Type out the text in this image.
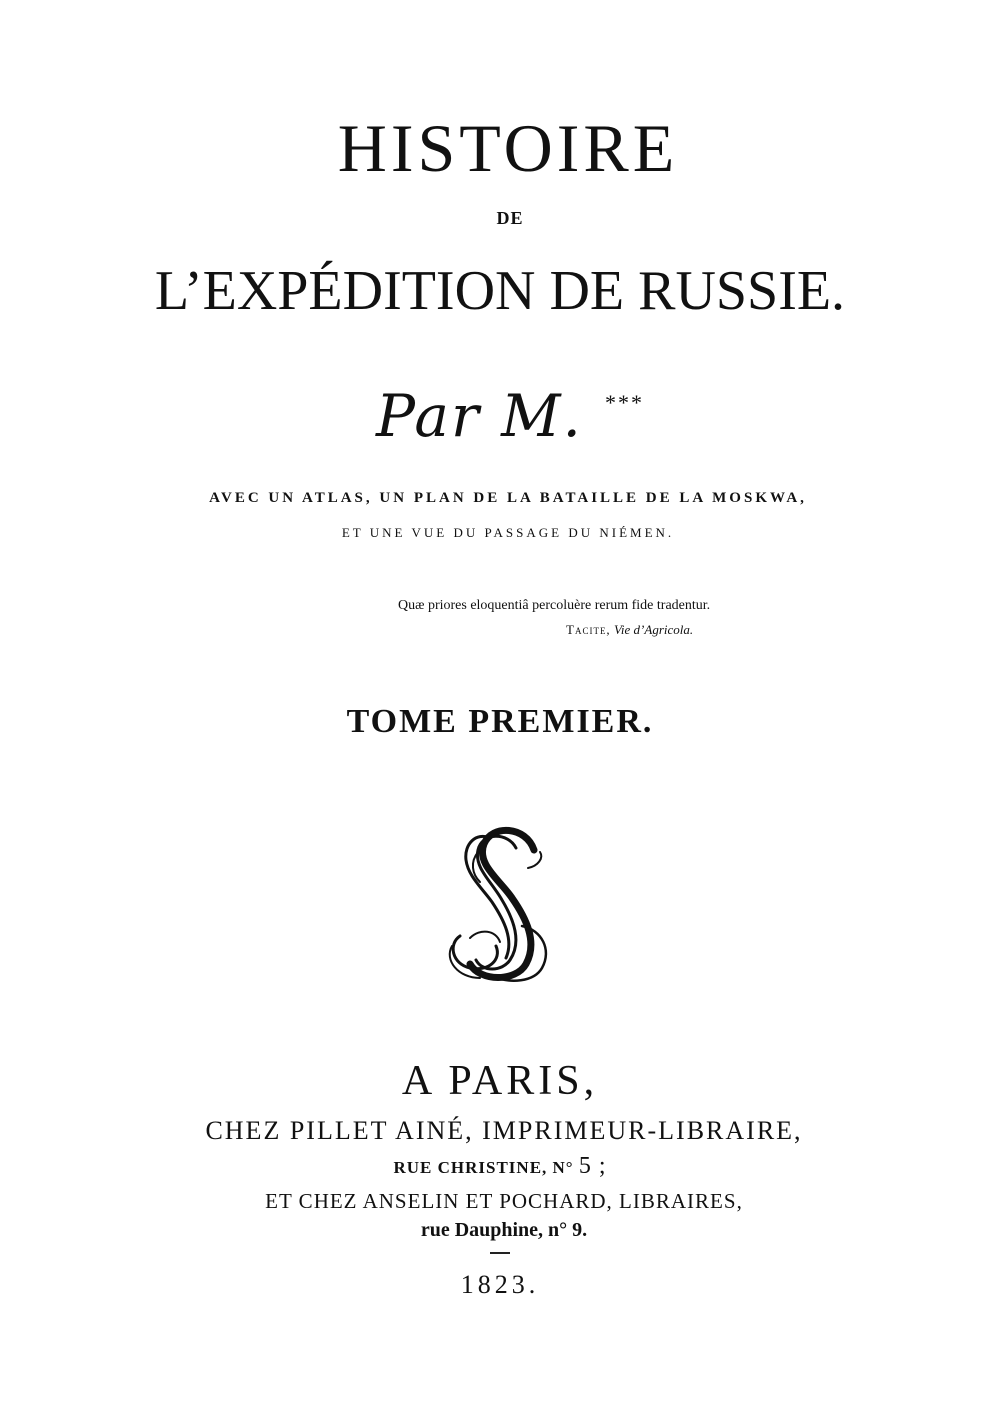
HISTOIRE
DE
L’EXPÉDITION DE RUSSIE.
Par M. ***
AVEC UN ATLAS, UN PLAN DE LA BATAILLE DE LA MOSKWA,
ET UNE VUE DU PASSAGE DU NIÉMEN.
Quæ priores eloquentiâ percoluère rerum fide tradentur.
Tacite, Vie d’Agricola.
TOME PREMIER.
A PARIS,
CHEZ PILLET AINÉ, IMPRIMEUR-LIBRAIRE,
RUE CHRISTINE, N° 5 ;
ET CHEZ ANSELIN ET POCHARD, LIBRAIRES,
rue Dauphine, n° 9.
1823.
